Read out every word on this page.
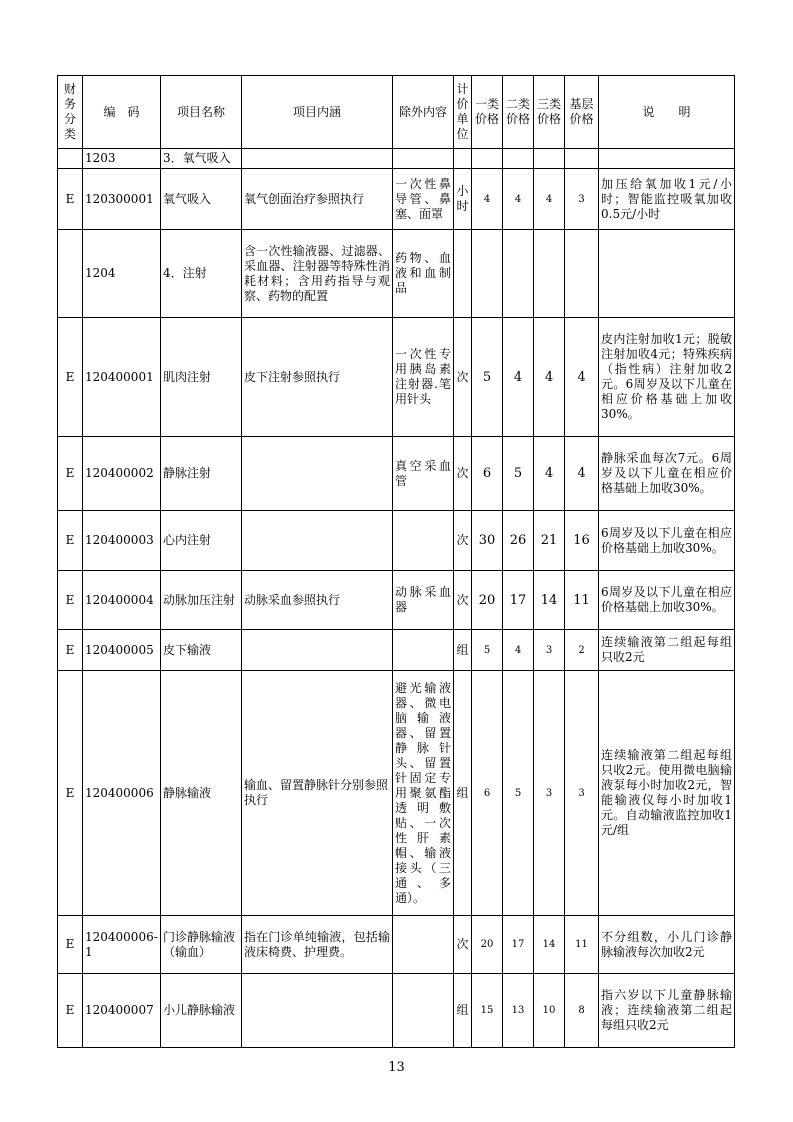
财务分类	编　码	项目名称	项目内涵	除外内容	计价单位	一类价格	二类价格	三类价格	基层价格	说　　明
	1203	3．氧气吸入								
E	120300001	氧气吸入	氧气创面治疗参照执行	一次性鼻导管、鼻塞、面罩	小时	4	4	4	3	加压给氧加收1元/小时；智能监控吸氧加收0.5元/小时
	1204	4．注射	含一次性输液器、过滤器、采血器、注射器等特殊性消耗材料；含用药指导与观察、药物的配置	药物、血液和血制品						
E	120400001	肌肉注射	皮下注射参照执行	一次性专用胰岛素注射器.笔用针头	次	5	4	4	4	皮内注射加收1元；脱敏注射加收4元；特殊疾病（指性病）注射加收2元。6周岁及以下儿童在相应价格基础上加收30%。
E	120400002	静脉注射		真空采血管	次	6	5	4	4	静脉采血每次7元。6周岁及以下儿童在相应价格基础上加收30%。
E	120400003	心内注射			次	30	26	21	16	6周岁及以下儿童在相应价格基础上加收30%。
E	120400004	动脉加压注射	动脉采血参照执行	动脉采血器	次	20	17	14	11	6周岁及以下儿童在相应价格基础上加收30%。
E	120400005	皮下输液			组	5	4	3	2	连续输液第二组起每组只收2元
E	120400006	静脉输液	输血、留置静脉针分别参照执行	避光输液器、微电脑输液器、留置静脉针头、留置针固定专用聚氨酯透明敷贴、一次性肝素帽、输液接头（三通、多通）。	组	6	5	3	3	连续输液第二组起每组只收2元。使用微电脑输液泵每小时加收2元，智能输液仪每小时加收1元。自动输液监控加收1元/组
E	120400006-1	门诊静脉输液（输血）	指在门诊单纯输液，包括输液床椅费、护理费。		次	20	17	14	11	不分组数，小儿门诊静脉输液每次加收2元
E	120400007	小儿静脉输液			组	15	13	10	8	指六岁以下儿童静脉输液；连续输液第二组起每组只收2元
13
